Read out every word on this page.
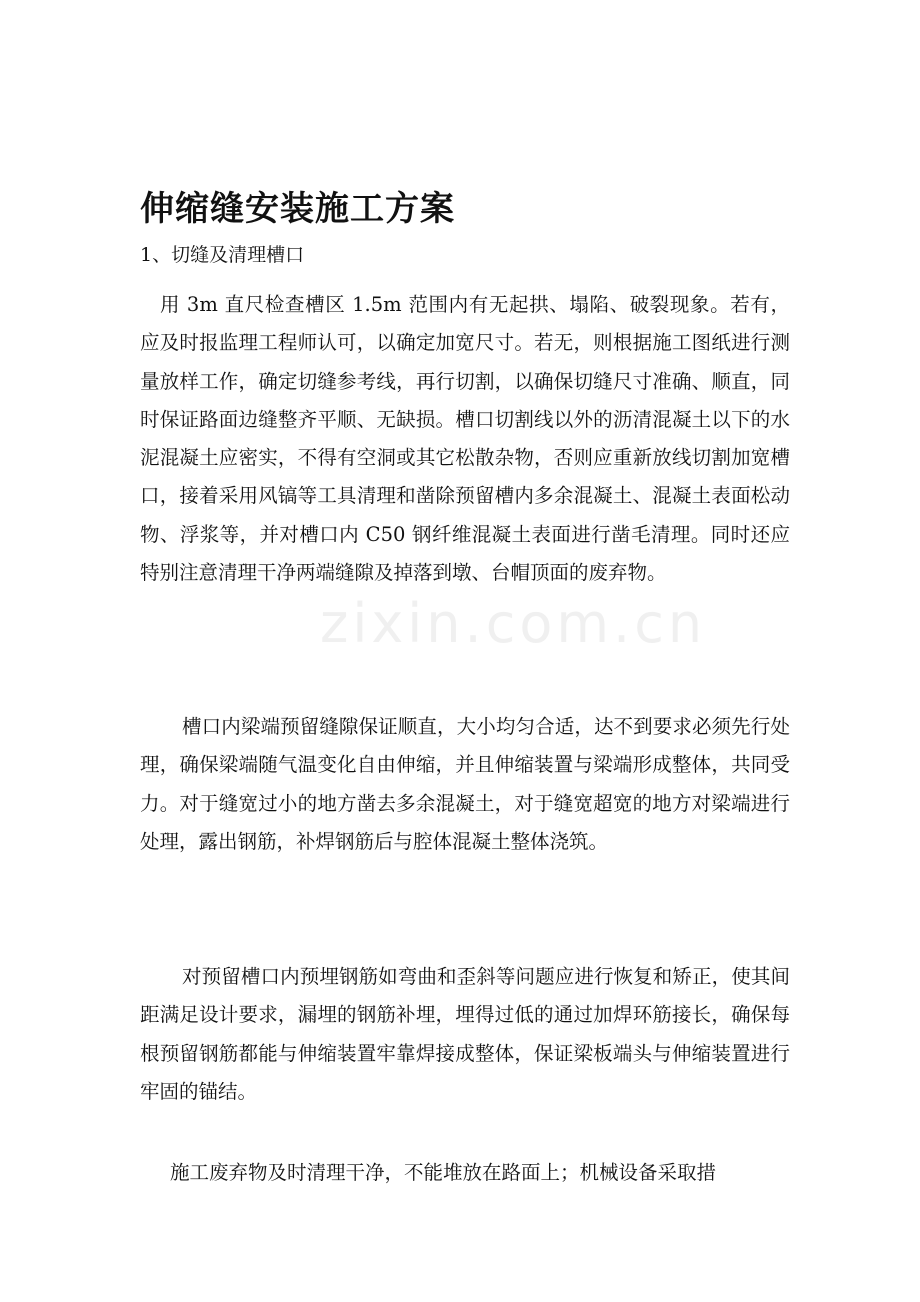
伸缩缝安装施工方案
1、切缝及清理槽口

用 3m 直尺检查槽区 1.5m 范围内有无起拱、塌陷、破裂现象。若有，应及时报监理工程师认可，以确定加宽尺寸。若无，则根据施工图纸进行测量放样工作，确定切缝参考线，再行切割，以确保切缝尺寸准确、顺直，同时保证路面边缝整齐平顺、无缺损。槽口切割线以外的沥清混凝土以下的水泥混凝土应密实，不得有空洞或其它松散杂物，否则应重新放线切割加宽槽口，接着采用风镐等工具清理和凿除预留槽内多余混凝土、混凝土表面松动物、浮浆等，并对槽口内 C50 钢纤维混凝土表面进行凿毛清理。同时还应特别注意清理干净两端缝隙及掉落到墩、台帽顶面的废弃物。

槽口内梁端预留缝隙保证顺直，大小均匀合适，达不到要求必须先行处理，确保梁端随气温变化自由伸缩，并且伸缩装置与梁端形成整体，共同受力。对于缝宽过小的地方凿去多余混凝土，对于缝宽超宽的地方对梁端进行处理，露出钢筋，补焊钢筋后与腔体混凝土整体浇筑。

对预留槽口内预埋钢筋如弯曲和歪斜等问题应进行恢复和矫正，使其间距满足设计要求，漏埋的钢筋补埋，埋得过低的通过加焊环筋接长，确保每根预留钢筋都能与伸缩装置牢靠焊接成整体，保证梁板端头与伸缩装置进行牢固的锚结。

施工废弃物及时清理干净，不能堆放在路面上；机械设备采取措

zixin.com.cn
